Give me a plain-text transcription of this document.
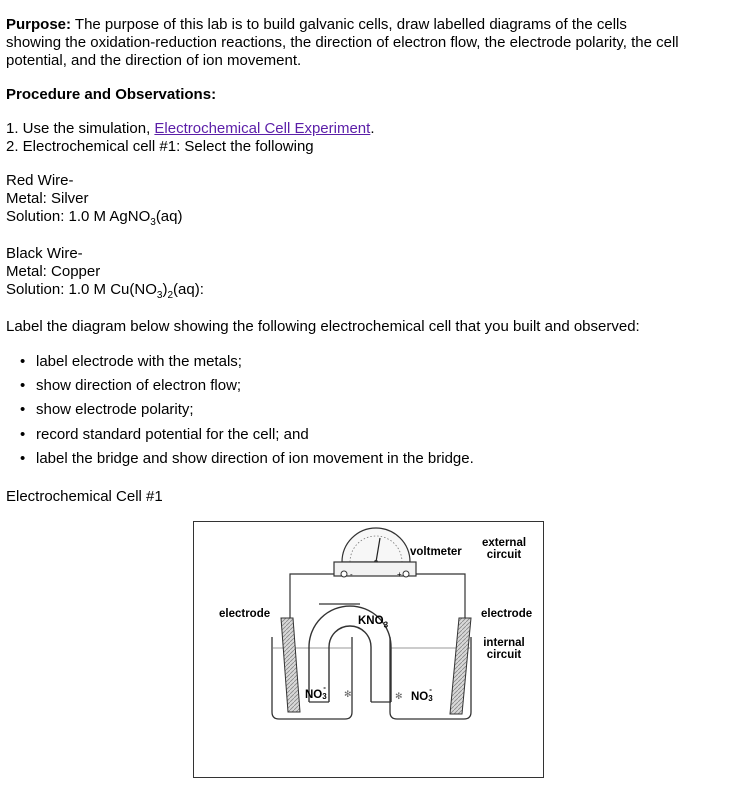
Purpose: The purpose of this lab is to build galvanic cells, draw labelled diagrams of the cells

showing the oxidation-reduction reactions, the direction of electron flow, the electrode polarity, the cell

potential, and the direction of ion movement.

Procedure and Observations:

1. Use the simulation, Electrochemical Cell Experiment.

2. Electrochemical cell #1: Select the following

Red Wire-

Metal: Silver

Solution: 1.0 M AgNO$_3$(aq)

Black Wire-

Metal: Copper

Solution: 1.0 M $Cu(NO_3)_2(aq)$:

Label the diagram below showing the following electrochemical cell that you built and observed:

• label electrode with the metals;
• show direction of electron flow;
• show electrode polarity;
• record standard potential for the cell; and
• label the bridge and show direction of ion movement in the bridge.

Electrochemical Cell #1

-	+
✻	✻
voltmeter
external
circuit
electrode	electrode
internal
circuit
$KNO_3$
NO
-
3	NO
-
3
